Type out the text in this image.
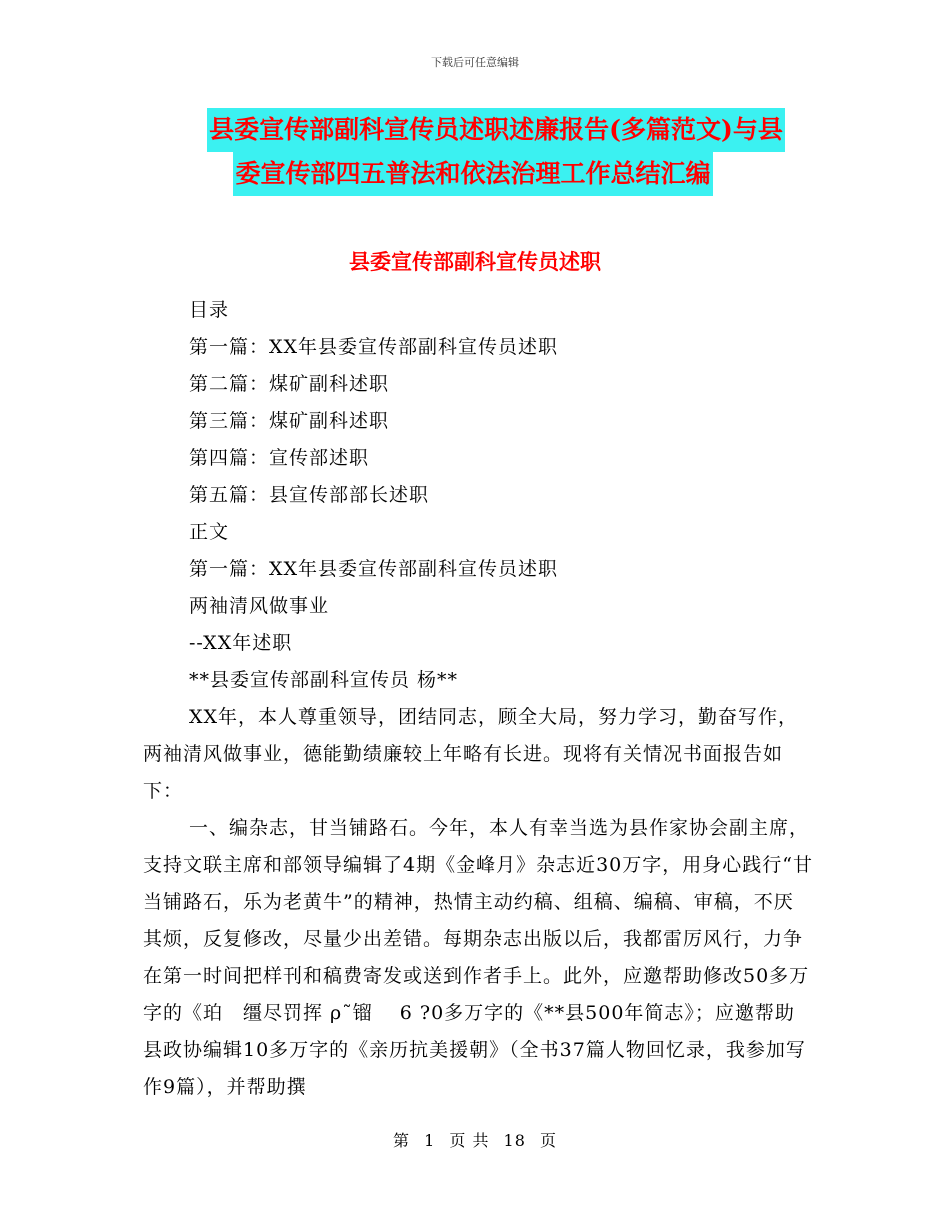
下载后可任意编辑
县委宣传部副科宣传员述职述廉报告(多篇范文)与县
委宣传部四五普法和依法治理工作总结汇编
县委宣传部副科宣传员述职

目录

第一篇：XX年县委宣传部副科宣传员述职

第二篇：煤矿副科述职

第三篇：煤矿副科述职

第四篇：宣传部述职

第五篇：县宣传部部长述职

正文

第一篇：XX年县委宣传部副科宣传员述职

两袖清风做事业

--XX年述职

**县委宣传部副科宣传员 杨**

XX年，本人尊重领导，团结同志，顾全大局，努力学习，勤奋写作，两袖清风做事业，德能勤绩廉较上年略有长进。现将有关情况书面报告如下：

一、编杂志，甘当铺路石。今年，本人有幸当选为县作家协会副主席，支持文联主席和部领导编辑了4期《金峰月》杂志近30万字，用身心践行“甘当铺路石，乐为老黄牛”的精神，热情主动约稿、组稿、编稿、审稿，不厌其烦，反复修改，尽量少出差错。每期杂志出版以后，我都雷厉风行，力争在第一时间把样刊和稿费寄发或送到作者手上。此外，应邀帮助修改50多万字的《珀　缰尽罚挥 ρ˜镏　 6 ?0多万字的《**县500年简志》；应邀帮助县政协编辑10多万字的《亲历抗美援朝》（全书37篇人物回忆录，我参加写作9篇），并帮助撰

第 1 页 共 18 页
